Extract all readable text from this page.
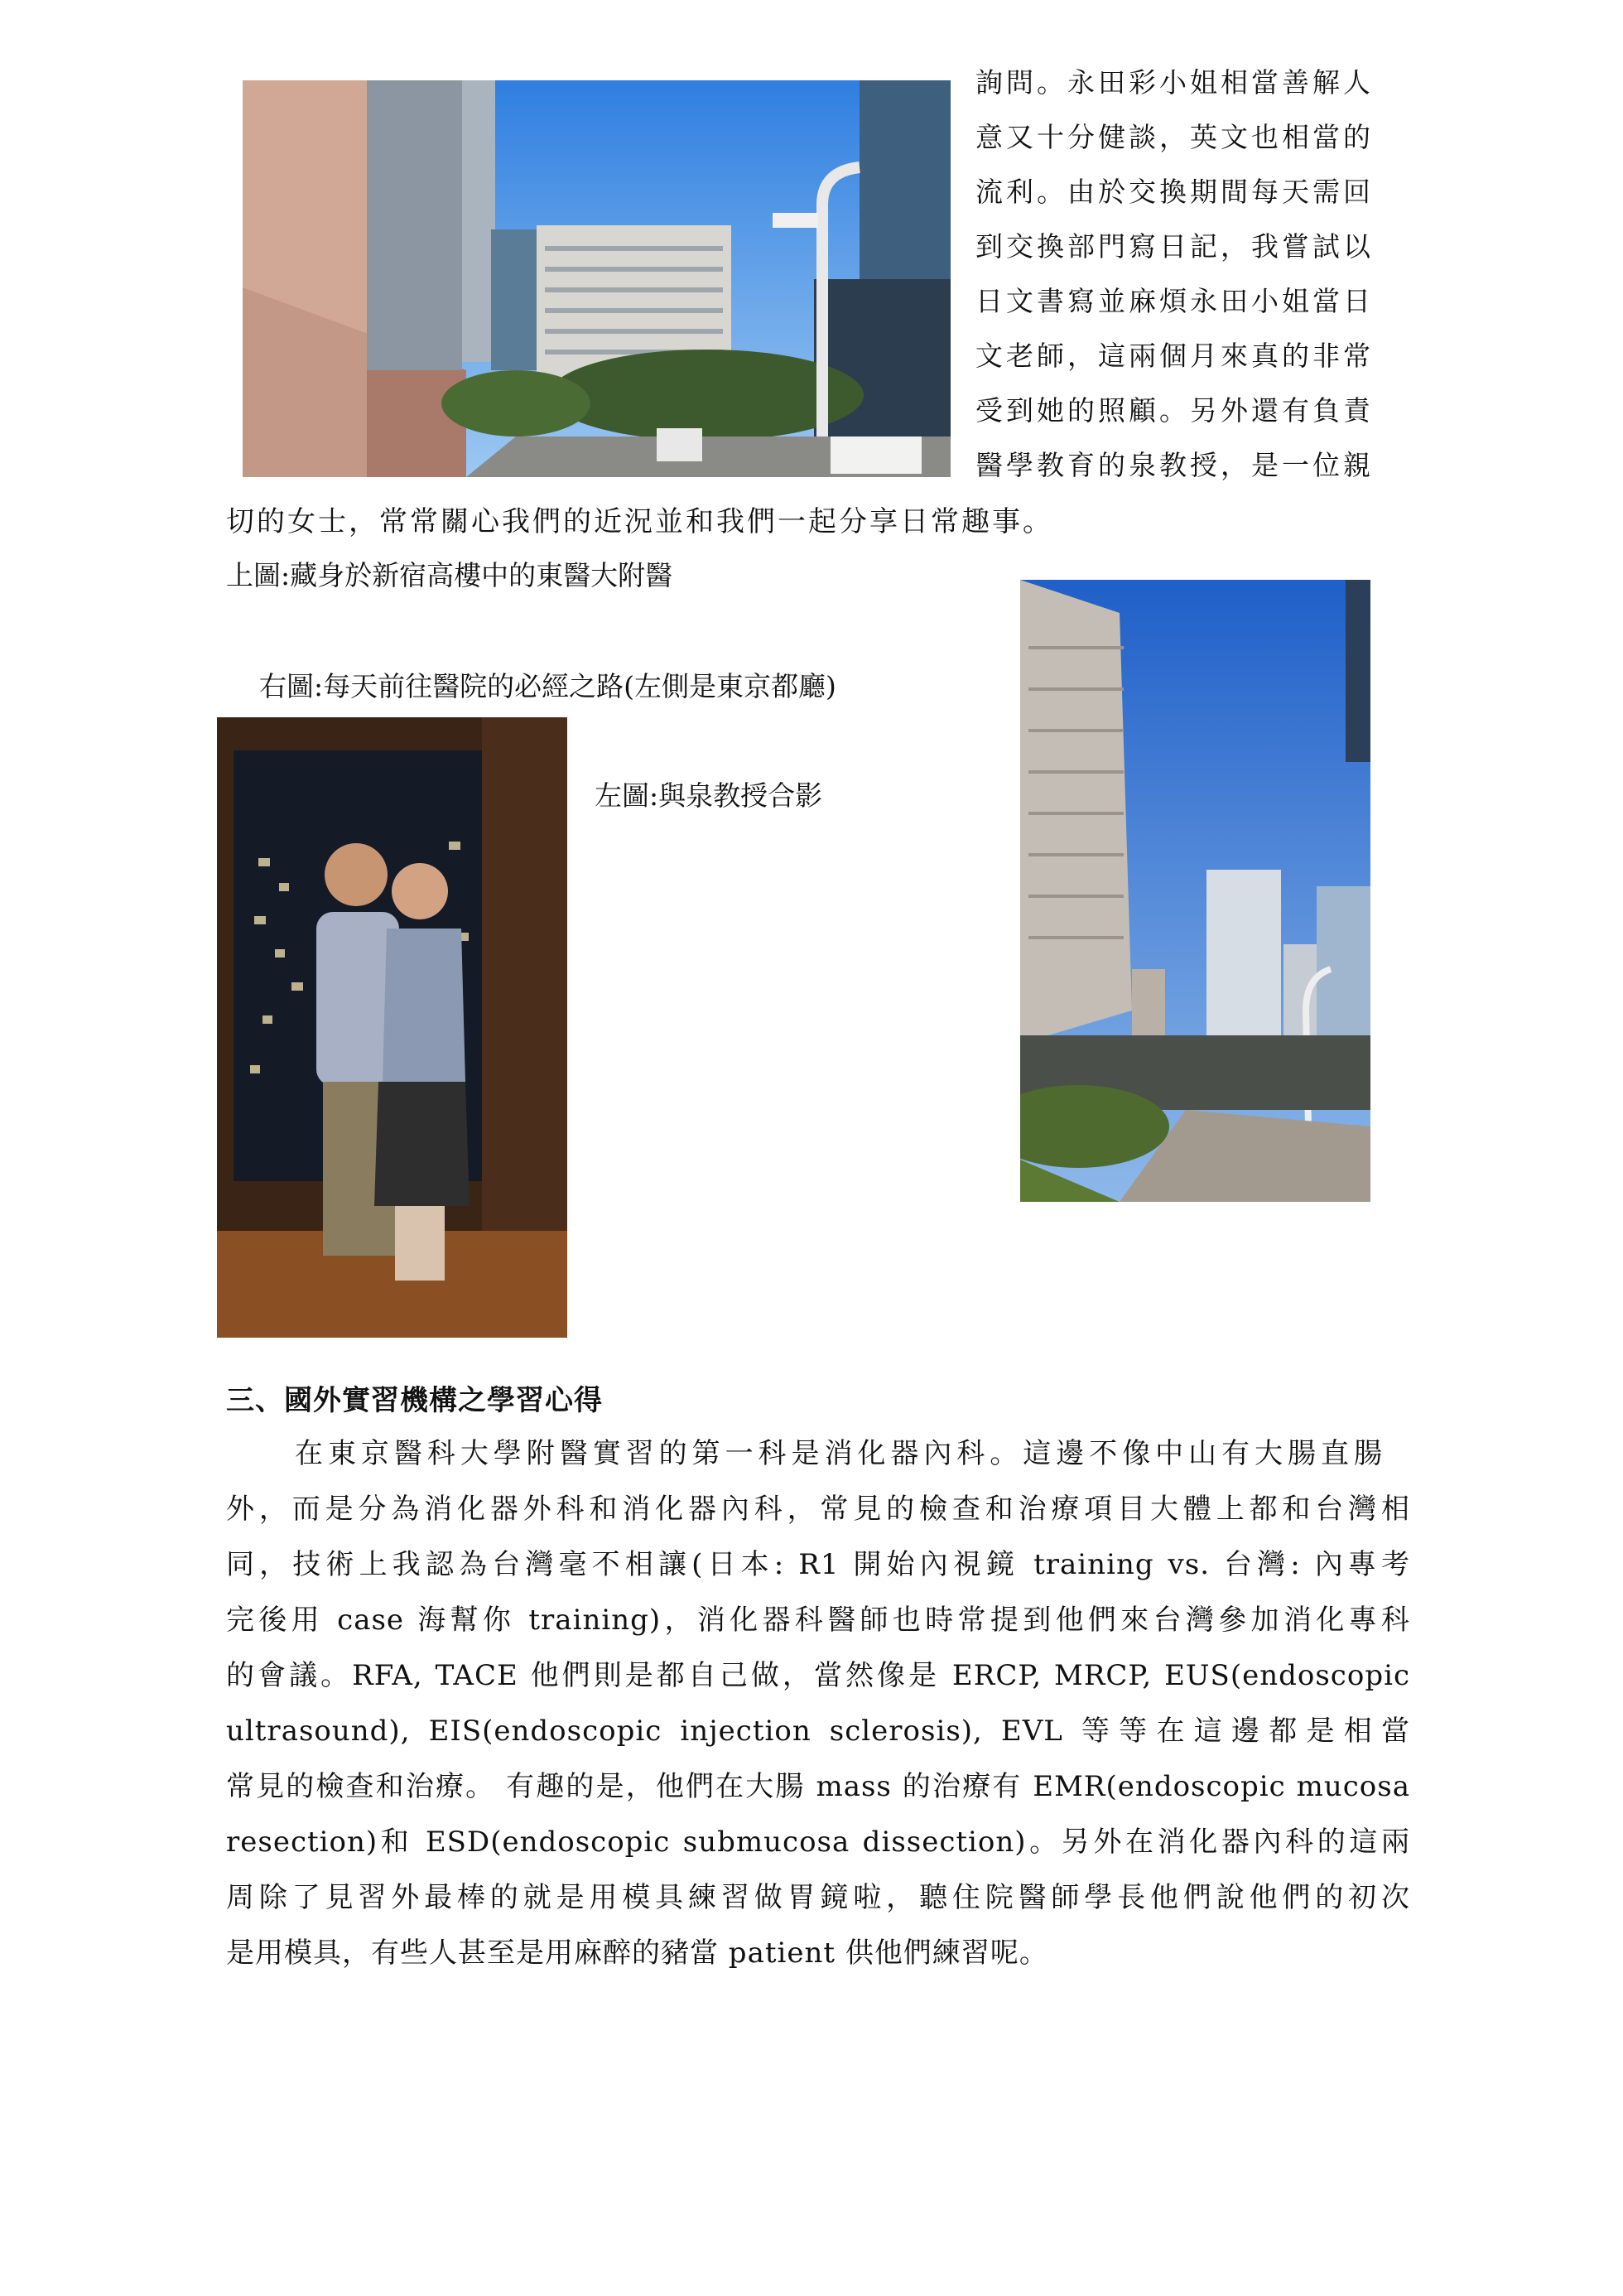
詢問。永田彩小姐相當善解人
意又十分健談，英文也相當的
流利。由於交換期間每天需回
到交換部門寫日記，我嘗試以
日文書寫並麻煩永田小姐當日
文老師，這兩個月來真的非常
受到她的照顧。另外還有負責
醫學教育的泉教授，是一位親
切的女士，常常關心我們的近況並和我們一起分享日常趣事。
上圖:藏身於新宿高樓中的東醫大附醫
右圖:每天前往醫院的必經之路(左側是東京都廳)
左圖:與泉教授合影
三、國外實習機構之學習心得
在東京醫科大學附醫實習的第一科是消化器內科。這邊不像中山有大腸直腸
外，而是分為消化器外科和消化器內科，常見的檢查和治療項目大體上都和台灣相
同，技術上我認為台灣毫不相讓(日本: R1 開始內視鏡 training vs. 台灣: 內專考
完後用 case 海幫你 training)，消化器科醫師也時常提到他們來台灣參加消化專科
的會議。RFA, TACE 他們則是都自己做，當然像是 ERCP, MRCP, EUS(endoscopic
ultrasound), EIS(endoscopic injection sclerosis), EVL 等等在這邊都是相當
常見的檢查和治療。 有趣的是，他們在大腸 mass 的治療有 EMR(endoscopic mucosa
resection)和 ESD(endoscopic submucosa dissection)。另外在消化器內科的這兩
周除了見習外最棒的就是用模具練習做胃鏡啦，聽住院醫師學長他們說他們的初次
是用模具，有些人甚至是用麻醉的豬當 patient 供他們練習呢。
